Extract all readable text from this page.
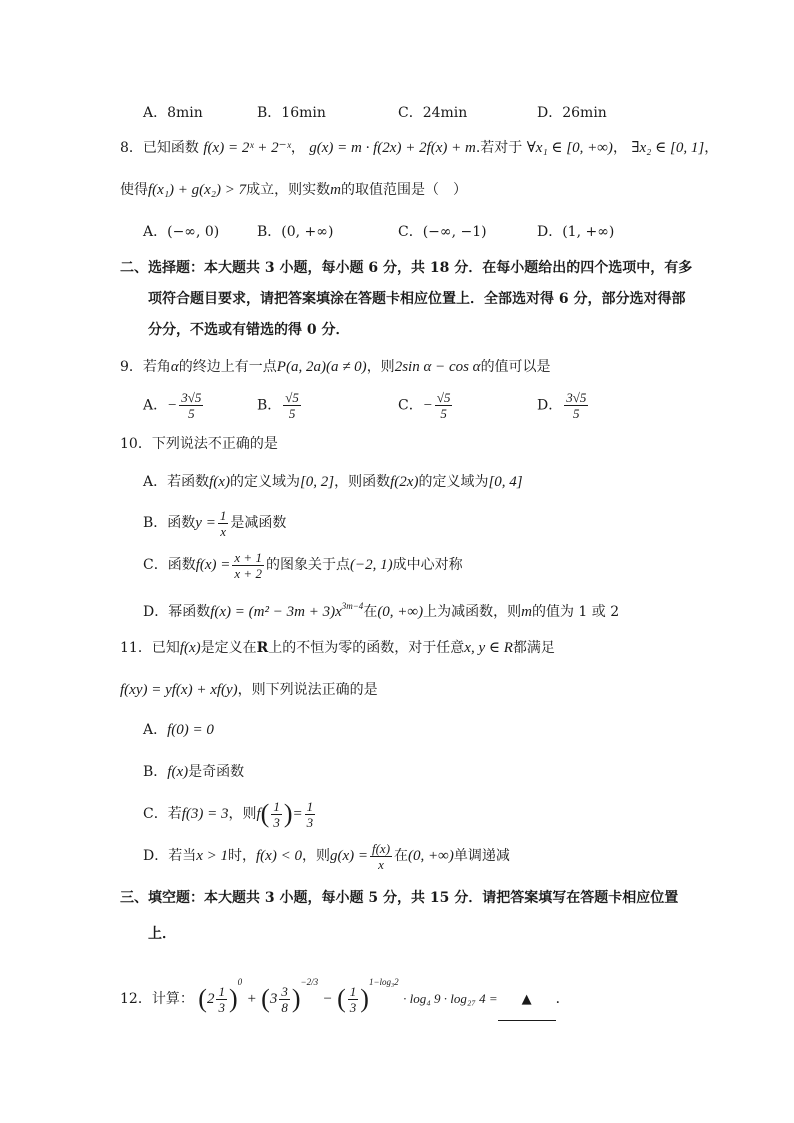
A．8min	B．16min	C．24min	D．26min
8．已知函数 f(x) = 2ˣ + 2⁻ˣ， g(x) = m · f(2x) + 2f(x) + m.若对于 ∀x₁ ∈ [0, +∞)， ∃x₂ ∈ [0, 1]，
使得f(x₁) + g(x₂) > 7成立，则实数m的取值范围是（　）
A．(−∞, 0)	B．(0, +∞)	C．(−∞, −1)	D．(1, +∞)
二、选择题：本大题共 3 小题，每小题 6 分，共 18 分．在每小题给出的四个选项中，有多
项符合题目要求，请把答案填涂在答题卡相应位置上．全部选对得 6 分，部分选对得部
分分，不选或有错选的得 0 分．
9．若角α的终边上有一点P(a, 2a)(a ≠ 0)，则2sin α − cos α的值可以是
A．− $\frac{3√5}{5}$	B． $\frac{√5}{5}$	C．− $\frac{√5}{5}$	D． $\frac{3√5}{5}$
10．下列说法不正确的是
A．若函数f(x)的定义域为[0, 2]，则函数f(2x)的定义域为[0, 4]
B．函数$y = \frac{1}{x}$ 是减函数
C．函数$f(x) = \frac{x + 1}{x + 2}$ 的图象关于点(−2, 1)成中心对称
D．幂函数$f(x) = (m^2 - 3m + 3)x^{3m-4}$在(0, +∞)上为减函数，则m的值为 1 或 2
11．已知f(x)是定义在R上的不恒为零的函数，对于任意x, y ∈ R都满足
f(xy) = yf(x) + xf(y)，则下列说法正确的是
A．f(0) = 0
B．f(x)是奇函数
C．若f(3) = 3，则$f( \frac{1}{3}$ )= $\frac{1}{3}$
D．若当x > 1时，f(x) < 0，则$g(x) = \frac{f(x)}{x}$ 在(0, +∞)单调递减
三、填空题：本大题共 3 小题，每小题 5 分，共 15 分．请把答案填写在答题卡相应位置
上．
12．计算： $(2 \frac{1}{3} )^0 + (3 \frac{3}{8} )^{-2/3}$ − ( $\frac{1}{3} )^{1-log_32} \cdot \log_4$ 9 · log₂₇ 4 = ▲ ．
